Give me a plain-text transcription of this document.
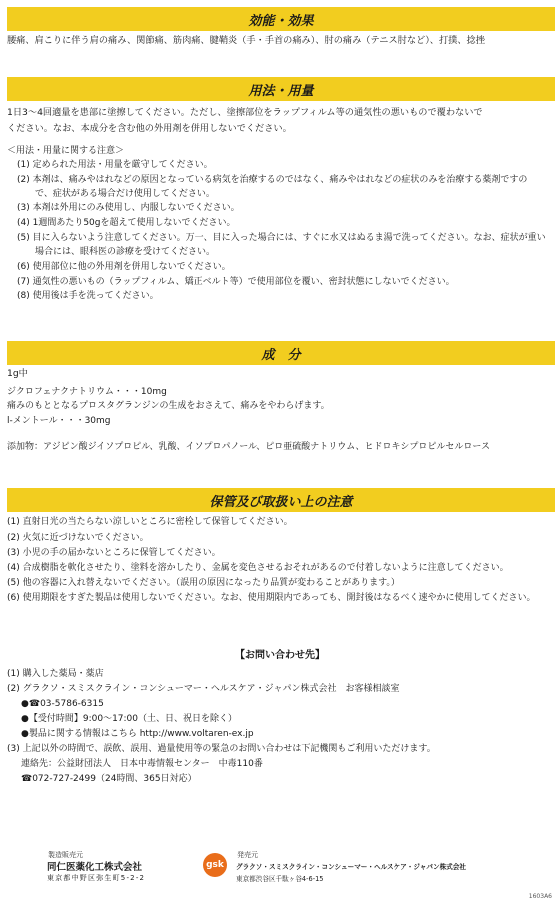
効能・効果
腰痛、肩こりに伴う肩の痛み、関節痛、筋肉痛、腱鞘炎（手・手首の痛み）、肘の痛み（テニス肘など）、打撲、捻挫
用法・用量
1日3〜4回適量を患部に塗擦してください。ただし、塗擦部位をラップフィルム等の通気性の悪いもので覆わないで
ください。なお、本成分を含む他の外用剤を併用しないでください。
＜用法・用量に関する注意＞
(1) 定められた用法・用量を厳守してください。
(2) 本剤は、痛みやはれなどの原因となっている病気を治療するのではなく、痛みやはれなどの症状のみを治療する薬剤ですの
で、症状がある場合だけ使用してください。
(3) 本剤は外用にのみ使用し、内服しないでください。
(4) 1週間あたり50gを超えて使用しないでください。
(5) 目に入らないよう注意してください。万一、目に入った場合には、すぐに水又はぬるま湯で洗ってください。なお、症状が重い
場合には、眼科医の診療を受けてください。
(6) 使用部位に他の外用剤を併用しないでください。
(7) 通気性の悪いもの（ラップフィルム、矯正ベルト等）で使用部位を覆い、密封状態にしないでください。
(8) 使用後は手を洗ってください。
成　分
1g中
ジクロフェナクナトリウム・・・10mg
痛みのもととなるプロスタグランジンの生成をおさえて、痛みをやわらげます。
l-メントール・・・30mg
添加物：アジピン酸ジイソプロピル、乳酸、イソプロパノール、ピロ亜硫酸ナトリウム、ヒドロキシプロピルセルロース
保管及び取扱い上の注意
(1) 直射日光の当たらない涼しいところに密栓して保管してください。
(2) 火気に近づけないでください。
(3) 小児の手の届かないところに保管してください。
(4) 合成樹脂を軟化させたり、塗料を溶かしたり、金属を変色させるおそれがあるので付着しないように注意してください。
(5) 他の容器に入れ替えないでください。（誤用の原因になったり品質が変わることがあります。）
(6) 使用期限をすぎた製品は使用しないでください。なお、使用期限内であっても、開封後はなるべく速やかに使用してください。
【お問い合わせ先】
(1) 購入した薬局・薬店
(2) グラクソ・スミスクライン・コンシューマー・ヘルスケア・ジャパン株式会社　お客様相談室
●☎03-5786-6315
●【受付時間】9:00〜17:00（土、日、祝日を除く）
●製品に関する情報はこちら http://www.voltaren-ex.jp
(3) 上記以外の時間で、誤飲、誤用、過量使用等の緊急のお問い合わせは下記機関もご利用いただけます。
連絡先：公益財団法人　日本中毒情報センター　中毒110番
☎072-727-2499（24時間、365日対応）
製造販売元
同仁医薬化工株式会社
東京都中野区弥生町5-2-2
gsk
発売元
グラクソ・スミスクライン・コンシューマー・ヘルスケア・ジャパン株式会社
東京都渋谷区千駄ヶ谷4-6-15
1603A6
